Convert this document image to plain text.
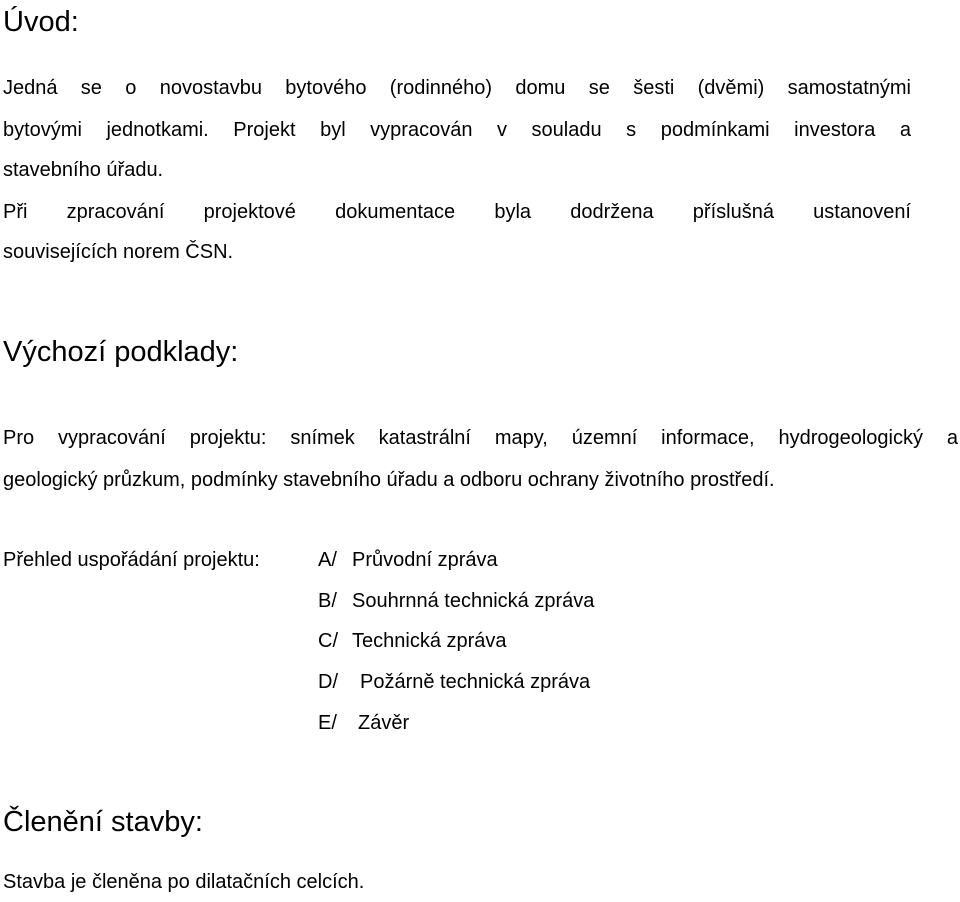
Úvod:
Jedná se o novostavbu bytového (rodinného) domu se šesti (dvěmi) samostatnými
bytovými jednotkami. Projekt byl vypracován v souladu s podmínkami investora a
stavebního úřadu.
Při zpracování projektové dokumentace byla dodržena příslušná ustanovení
souvisejících norem ČSN.
Výchozí podklady:
Pro vypracování projektu: snímek katastrální mapy, územní informace, hydrogeologický a
geologický průzkum, podmínky stavebního úřadu a odboru ochrany životního prostředí.
Přehled uspořádání projektu:	A/ Průvodní zpráva
B/ Souhrnná technická zpráva
C/ Technická zpráva
D/ Požárně technická zpráva
E/ Závěr
Členění stavby:
Stavba je členěna po dilatačních celcích.
